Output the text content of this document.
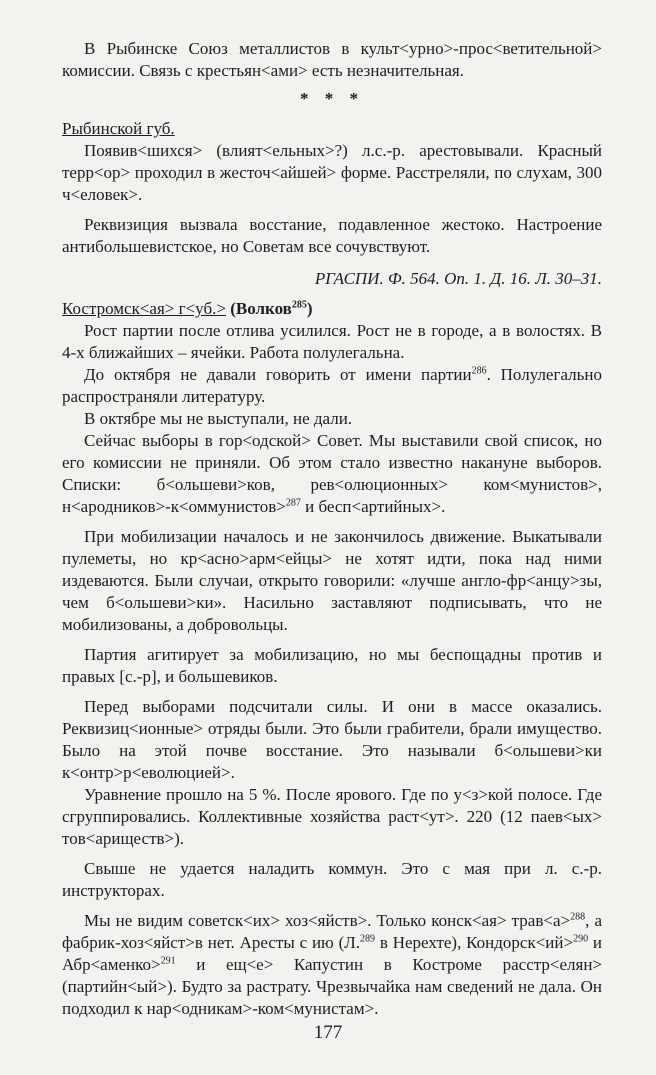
В Рыбинске Союз металлистов в культ<урно>-прос<ветительной> комиссии. Связь с крестьян<ами> есть незначительная.

* * *

Рыбинской губ.

Появив<шихся> (влият<ельных>?) л.с.-р. арестовывали. Красный терр<ор> проходил в жесточ<айшей> форме. Расстреляли, по слухам, 300 ч<еловек>.

Реквизиция вызвала восстание, подавленное жестоко. Настроение антибольшевистское, но Советам все сочувствуют.

РГАСПИ. Ф. 564. Оп. 1. Д. 16. Л. 30–31.

Костромск<ая> г<уб.> (Волков$^{285}$)

Рост партии после отлива усилился. Рост не в городе, а в волостях. В 4-х ближайших – ячейки. Работа полулегальна.

До октября не давали говорить от имени партии$^{286}$. Полулегально распространяли литературу.

В октябре мы не выступали, не дали.

Сейчас выборы в гор<одской> Совет. Мы выставили свой список, но его комиссии не приняли. Об этом стало известно накануне выборов. Списки: б<ольшеви>ков, рев<олюционных> ком<мунистов>, н<ародников>-к<оммунистов>$^{287}$ и бесп<артийных>.

При мобилизации началось и не закончилось движение. Выкатывали пулеметы, но кр<асно>арм<ейцы> не хотят идти, пока над ними издеваются. Были случаи, открыто говорили: «лучше англо-фр<анцу>зы, чем б<ольшеви>ки». Насильно заставляют подписывать, что не мобилизованы, а добровольцы.

Партия агитирует за мобилизацию, но мы беспощадны против и правых [с.-р], и большевиков.

Перед выборами подсчитали силы. И они в массе оказались. Реквизиц<ионные> отряды были. Это были грабители, брали имущество. Было на этой почве восстание. Это называли б<ольшеви>ки к<онтр>р<еволюцией>.

Уравнение прошло на 5 %. После ярового. Где по у<з>кой полосе. Где сгруппировались. Коллективные хозяйства раст<ут>. 220 (12 паев<ых> тов<ариществ>).

Свыше не удается наладить коммун. Это с мая при л. с.-р. инструкторах.

Мы не видим советск<их> хоз<яйств>. Только конск<ая> трав<а>$^{288}$, а фабрик-хоз<яйст>в нет. Аресты с ию (Л.$^{289}$ в Нерехте), Кондорск<ий>$^{290}$ и Абр<аменко>$^{291}$ и ещ<е> Капустин в Костроме расстр<елян> (партийн<ый>). Будто за растрату. Чрезвычайка нам сведений не дала. Он подходил к нар<одникам>-ком<мунистам>.

177
